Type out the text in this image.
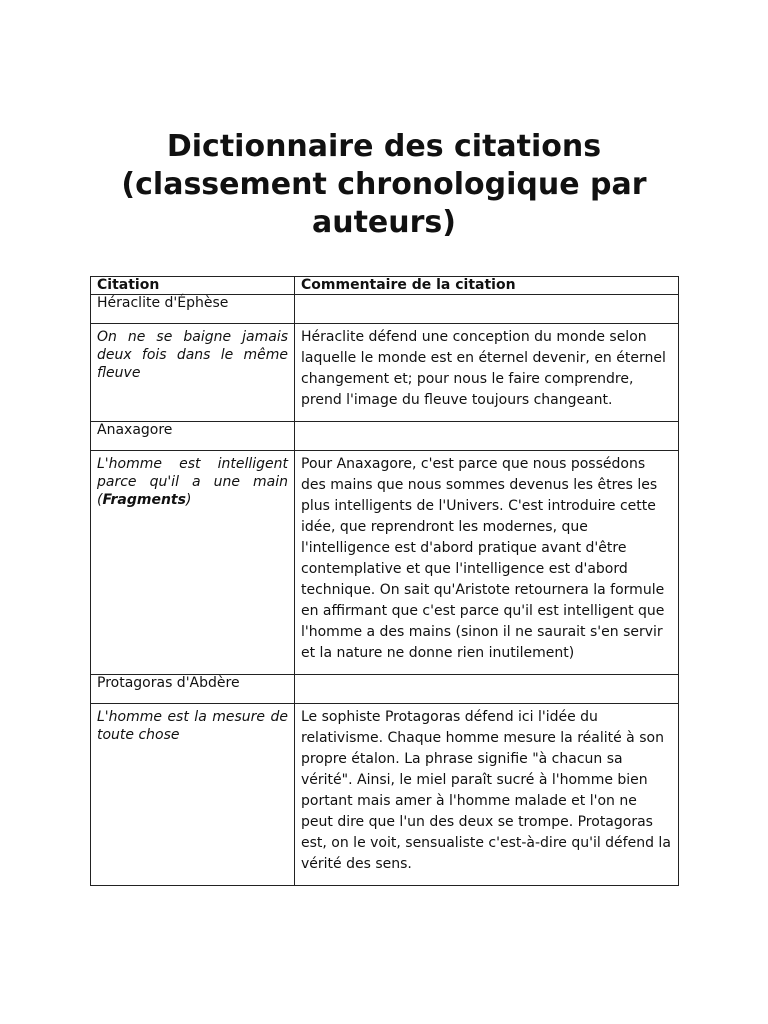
Dictionnaire des citations (classement chronologique par auteurs)
Citation	Commentaire de la citation
Héraclite d'Éphèse	
On ne se baigne jamais deux fois dans le même fleuve	Héraclite défend une conception du monde selon laquelle le monde est en éternel devenir, en éternel changement et; pour nous le faire comprendre, prend l'image du fleuve toujours changeant.
Anaxagore	
L'homme est intelligent parce qu'il a une main (Fragments)	Pour Anaxagore, c'est parce que nous possédons des mains que nous sommes devenus les êtres les plus intelligents de l'Univers. C'est introduire cette idée, que reprendront les modernes, que l'intelligence est d'abord pratique avant d'être contemplative et que l'intelligence est d'abord technique. On sait qu'Aristote retournera la formule en affirmant que c'est parce qu'il est intelligent que l'homme a des mains (sinon il ne saurait s'en servir et la nature ne donne rien inutilement)
Protagoras d'Abdère	
L'homme est la mesure de toute chose	Le sophiste Protagoras défend ici l'idée du relativisme. Chaque homme mesure la réalité à son propre étalon. La phrase signifie "à chacun sa vérité". Ainsi, le miel paraît sucré à l'homme bien portant mais amer à l'homme malade et l'on ne peut dire que l'un des deux se trompe. Protagoras est, on le voit, sensualiste c'est-à-dire qu'il défend la vérité des sens.
